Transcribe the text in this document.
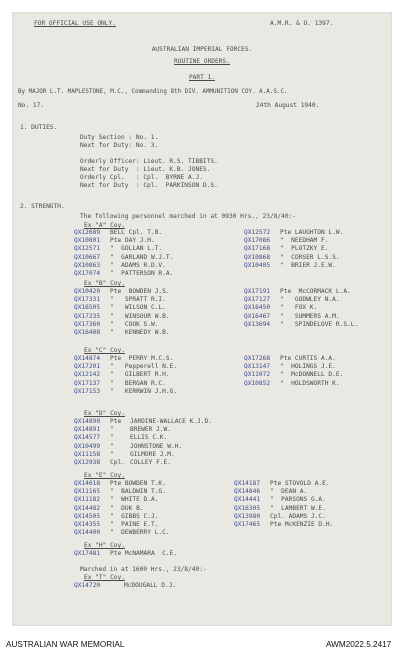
FOR OFFICIAL USE ONLY.	A.M.R. & O. 1397.
AUSTRALIAN IMPERIAL FORCES.
ROUTINE ORDERS.
PART 1.
By MAJOR L.T. MAPLESTONE, M.C., Commanding 8th DIV. AMMUNITION COY. A.A.S.C.
No. 17.	24th August 1940.
1. DUTIES.
Duty Section : No. 1.
Next for Duty: No. 3.
Orderly Officer: Lieut. R.S. TIBBITS.
Next for Duty  : Lieut. K.B. JONES.
Orderly Cpl.   : Cpl.  BYRNE A.J.
Next for Duty  : Cpl.  PARKINSON D.S.
2. STRENGTH.
The following personnel marched in at 0930 Hrs., 23/8/40:-
Ex "A" Coy.
QX12689 BELL Cpl. T.B.	QX12572 Pte LAUGHTON L.W.
QX10801 Pte DAY J.H.	QX17086 "  NEEDHAM F.
QX12571 "  GOLLAN L.T.	QX17168 "  PLOTZKY E.
QX10667 "  GARLAND W.J.T.	QX10868 "  CORSER L.S.S.
QX10863 "  ADAMS R.D.V.	QX10405 "  BRIER J.E.W.
QX17074 "  PATTERSON R.A.
Ex "B" Coy.
QX10420 Pte  BOWDEN J.S.	QX17191 Pte  McCORMACK L.A.
QX17331 "   SPRATT R.I.	QX17127 "   GODWLEY N.A.
QX16505 "   WILSON C.L.	QX16450 "   FOX K.
QX17235 "   WINSOUR W.B.	QX16467 "   SUMMERS A.M.
QX17360 "   COOK S.W.	QX13694 "   SPINDELOVE R.S.L.
QX16408 "   KENNEDY W.B.
Ex "C" Coy.
QX14874 Pte  PERRY M.C.S.	QX17268 Pte CURTIS A.A.
QX17201 "   Pepperell N.E.	QX13147 "  HOLINGS J.E.
QX12142 "   GILBERT R.H.	QX11072 "  McDONNELL D.E.
QX17137 "   BERGAN R.C.	QX10852 "  HOLDSWORTH K.
QX17153 "   KERRWIN J.H.G.
Ex "D" Coy.
QX14890 Pte JARDINE-WALLACE K.J.D.
QX14891 "	BREWER J.W.
QX14577 "	ELLIS C.K.
QX10499 "	JOHNSTONE W.H.
QX11158 "	GILMORE J.M.
QX12938 Cpl. COLLEY F.E.
Ex "E" Coy.
QX14618 Pte BOWDEN T.K.	QX14187 Pte STOVOLD A.E.
QX11165 "  BALDWIN T.G.	QX14846 "  DEAN A.
QX11182 "  WHITE D.A.	QX14441 "  PARSONS G.A.
QX14482 "  DUK B.	QX16305 "  LAMBERT W.E.
QX14505 "  GIBBS C.J.	QX13980 Cpl. ADAMS J.C.
QX14355 "  PAINE E.T.	QX17465 Pte McKENZIE D.H.
QX14400 "  DEWBERRY L.C.
Ex "H" Coy.
QX17481 Pte McNAMARA  C.E.
Marched in at 1600 Hrs., 23/8/40:-
Ex "T" Coy.
QX14720	McDOUGALL D.J.
AUSTRALIAN WAR MEMORIAL	AWM2022.5.2417
